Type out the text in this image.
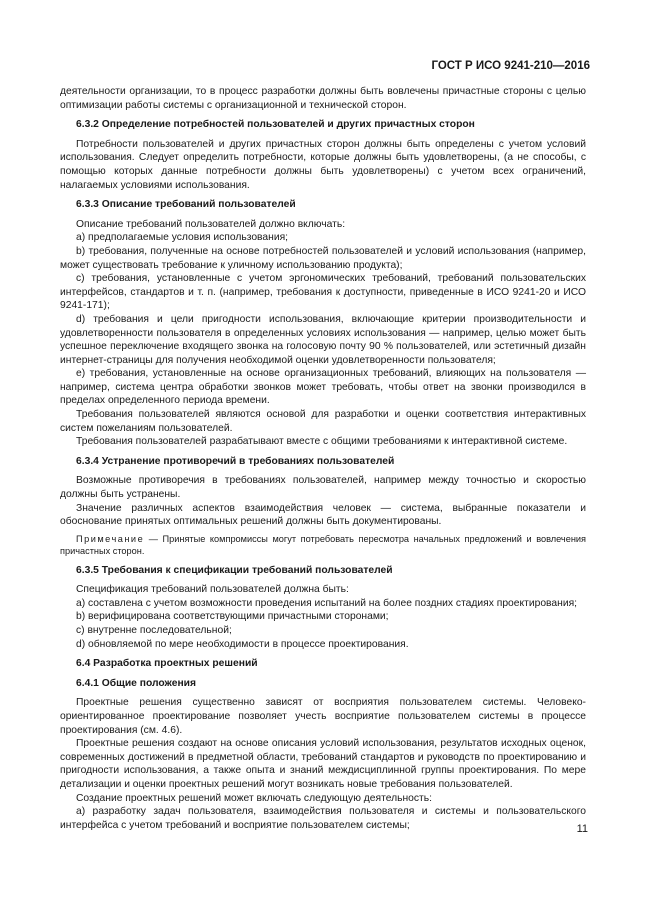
ГОСТ Р ИСО 9241-210—2016

деятельности организации, то в процесс разработки должны быть вовлечены причастные стороны с целью оптимизации работы системы с организационной и технической сторон.

6.3.2 Определение потребностей пользователей и других причастных сторон

Потребности пользователей и других причастных сторон должны быть определены с учетом условий использования. Следует определить потребности, которые должны быть удовлетворены, (а не способы, с помощью которых данные потребности должны быть удовлетворены) с учетом всех ограничений, налагаемых условиями использования.

6.3.3 Описание требований пользователей

Описание требований пользователей должно включать:

a) предполагаемые условия использования;

b) требования, полученные на основе потребностей пользователей и условий использования (например, может существовать требование к уличному использованию продукта);

c) требования, установленные с учетом эргономических требований, требований пользовательских интерфейсов, стандартов и т. п. (например, требования к доступности, приведенные в ИСО 9241-20 и ИСО 9241-171);

d) требования и цели пригодности использования, включающие критерии производительности и удовлетворенности пользователя в определенных условиях использования — например, целью может быть успешное переключение входящего звонка на голосовую почту 90 % пользователей, или эстетичный дизайн интернет-страницы для получения необходимой оценки удовлетворенности пользователя;

e) требования, установленные на основе организационных требований, влияющих на пользователя — например, система центра обработки звонков может требовать, чтобы ответ на звонки производился в пределах определенного периода времени.

Требования пользователей являются основой для разработки и оценки соответствия интерактивных систем пожеланиям пользователей.

Требования пользователей разрабатывают вместе с общими требованиями к интерактивной системе.

6.3.4 Устранение противоречий в требованиях пользователей

Возможные противоречия в требованиях пользователей, например между точностью и скоростью должны быть устранены.

Значение различных аспектов взаимодействия человек — система, выбранные показатели и обоснование принятых оптимальных решений должны быть документированы.

Примечание — Принятые компромиссы могут потребовать пересмотра начальных предложений и вовлечения причастных сторон.

6.3.5 Требования к спецификации требований пользователей

Спецификация требований пользователей должна быть:

a) составлена с учетом возможности проведения испытаний на более поздних стадиях проектирования;

b) верифицирована соответствующими причастными сторонами;

c) внутренне последовательной;

d) обновляемой по мере необходимости в процессе проектирования.

6.4 Разработка проектных решений

6.4.1 Общие положения

Проектные решения существенно зависят от восприятия пользователем системы. Человеко-ориентированное проектирование позволяет учесть восприятие пользователем системы в процессе проектирования (см. 4.6).

Проектные решения создают на основе описания условий использования, результатов исходных оценок, современных достижений в предметной области, требований стандартов и руководств по проектированию и пригодности использования, а также опыта и знаний междисциплинной группы проектирования. По мере детализации и оценки проектных решений могут возникать новые требования пользователей.

Создание проектных решений может включать следующую деятельность:

a) разработку задач пользователя, взаимодействия пользователя и системы и пользовательского интерфейса с учетом требований и восприятие пользователем системы;	11
